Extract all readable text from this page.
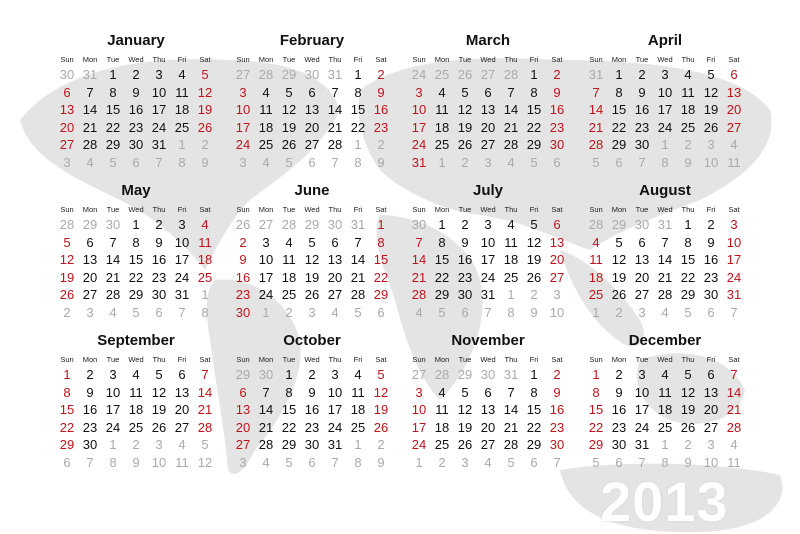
2013
January
Sun	Mon	Tue	Wed	Thu	Fri	Sat
30 31 1	2	3	4	5
6	7	8	9 10 11 12
13 14 15 16 17 18 19
20 21 22 23 24 25 26
27 28 29 30 31 1	2
3	4	5	6	7	8	9
February
Sun	Mon	Tue	Wed	Thu	Fri	Sat
27 28 29 30 31 1	2
3	4	5	6	7	8	9
10 11 12 13 14 15 16
17 18 19 20 21 22 23
24 25 26 27 28 1	2
3	4	5	6	7	8	9
March
Sun	Mon	Tue	Wed	Thu	Fri	Sat
24 25 26 27 28 1	2
3	4	5	6	7	8	9
10 11 12 13 14 15 16
17 18 19 20 21 22 23
24 25 26 27 28 29 30
31 1	2	3	4	5	6
April
Sun	Mon	Tue	Wed	Thu	Fri	Sat
31 1	2	3	4	5	6
7	8	9 10 11 12 13
14 15 16 17 18 19 20
21 22 23 24 25 26 27
28 29 30 1	2	3	4
5	6	7	8	9 10 11
May
Sun	Mon	Tue	Wed	Thu	Fri	Sat
28 29 30 1	2	3	4
5	6	7	8	9 10 11
12 13 14 15 16 17 18
19 20 21 22 23 24 25
26 27 28 29 30 31 1
2	3	4	5	6	7	8
June
Sun	Mon	Tue	Wed	Thu	Fri	Sat
26 27 28 29 30 31 1
2	3	4	5	6	7	8
9 10 11 12 13 14 15
16 17 18 19 20 21 22
23 24 25 26 27 28 29
30 1	2	3	4	5	6
July
Sun	Mon	Tue	Wed	Thu	Fri	Sat
30 1	2	3	4	5	6
7	8	9 10 11 12 13
14 15 16 17 18 19 20
21 22 23 24 25 26 27
28 29 30 31 1	2	3
4	5	6	7	8	9 10
August
Sun	Mon	Tue	Wed	Thu	Fri	Sat
28 29 30 31 1	2	3
4	5	6	7	8	9 10
11 12 13 14 15 16 17
18 19 20 21 22 23 24
25 26 27 28 29 30 31
1	2	3	4	5	6	7
September
Sun	Mon	Tue	Wed	Thu	Fri	Sat
1	2	3	4	5	6	7
8	9 10 11 12 13 14
15 16 17 18 19 20 21
22 23 24 25 26 27 28
29 30 1	2	3	4	5
6	7	8	9 10 11 12
October
Sun	Mon	Tue	Wed	Thu	Fri	Sat
29 30 1	2	3	4	5
6	7	8	9 10 11 12
13 14 15 16 17 18 19
20 21 22 23 24 25 26
27 28 29 30 31 1	2
3	4	5	6	7	8	9
November
Sun	Mon	Tue	Wed	Thu	Fri	Sat
27 28 29 30 31 1	2
3	4	5	6	7	8	9
10 11 12 13 14 15 16
17 18 19 20 21 22 23
24 25 26 27 28 29 30
1	2	3	4	5	6	7
December
Sun	Mon	Tue	Wed	Thu	Fri	Sat
1	2	3	4	5	6	7
8	9 10 11 12 13 14
15 16 17 18 19 20 21
22 23 24 25 26 27 28
29 30 31 1	2	3	4
5	6	7	8	9 10 11
